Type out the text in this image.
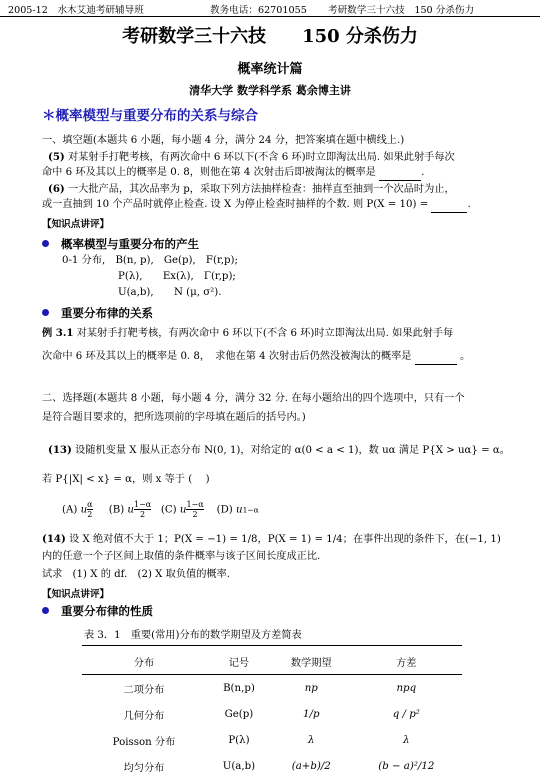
2005-12　水木艾迪考研辅导班	教务电话：62701055 考研数学三十六技　150 分杀伤力
考研数学三十六技　　150 分杀伤力
概率统计篇
清华大学 数学科学系 葛余博主讲
＊概率模型与重要分布的关系与综合
一、填空题(本题共 6 小题，每小题 4 分，满分 24 分，把答案填在题中横线上.)
(5) 对某射手打靶考核，有两次命中 6 环以下(不含 6 环)时立即淘汰出局. 如果此射手每次
命中 6 环及其以上的概率是 0. 8，则他在第 4 次射击后即被淘汰的概率是	.
(6) 一大批产品，其次品率为 p，采取下列方法抽样检查：抽样直至抽到一个次品时为止，
或一直抽到 10 个产品时就停止检查. 设 X 为停止检查时抽样的个数. 则 P(X = 10) =	.
【知识点讲评】
概率模型与重要分布的产生
0-1 分布,　B(n, p),　Ge(p),　F(r,p);
P(λ),　　Ex(λ),　Γ(r,p);
U(a,b),　　N (μ, σ²).
重要分布律的关系
例 3.1 对某射手打靶考核，有两次命中 6 环以下(不含 6 环)时立即淘汰出局. 如果此射手每
次命中 6 环及其以上的概率是 0. 8，　求他在第 4 次射击后仍然没被淘汰的概率是	。
二、选择题(本题共 8 小题，每小题 4 分，满分 32 分. 在每小题给出的四个选项中，只有一个
是符合题目要求的，把所选项前的字母填在题后的括号内。)
(13) 设随机变量 X 服从正态分布 N(0, 1)，对给定的 α(0 < a < 1)，数 uα 满足 P{X > uα} = α。
若 P{|X| < x} = α，则 x 等于 (　 )
(A) u $\frac{\alpha}{2} (B)$ u $\frac{1-\alpha}{2} (C)$ u $\frac{1-\alpha}{2} (D)$ u1−α
(14) 设 X 绝对值不大于 1；P(X = −1) = 1/8，P(X = 1) = 1/4；在事件出现的条件下，在(−1, 1)
内的任意一个子区间上取值的条件概率与该子区间长度成正比.
试求　(1) X 的 df.　(2) X 取负值的概率.
【知识点讲评】
重要分布律的性质
表 3．1　重要(常用)分布的数学期望及方差简表
分布	记号	数学期望	方差
二项分布	B(n,p)	np	npq
几何分布	Ge(p)	1/p	q / p²
Poisson 分布	P(λ)	λ	λ
均匀分布	U(a,b)	(a+b)/2	(b − a)²/12
